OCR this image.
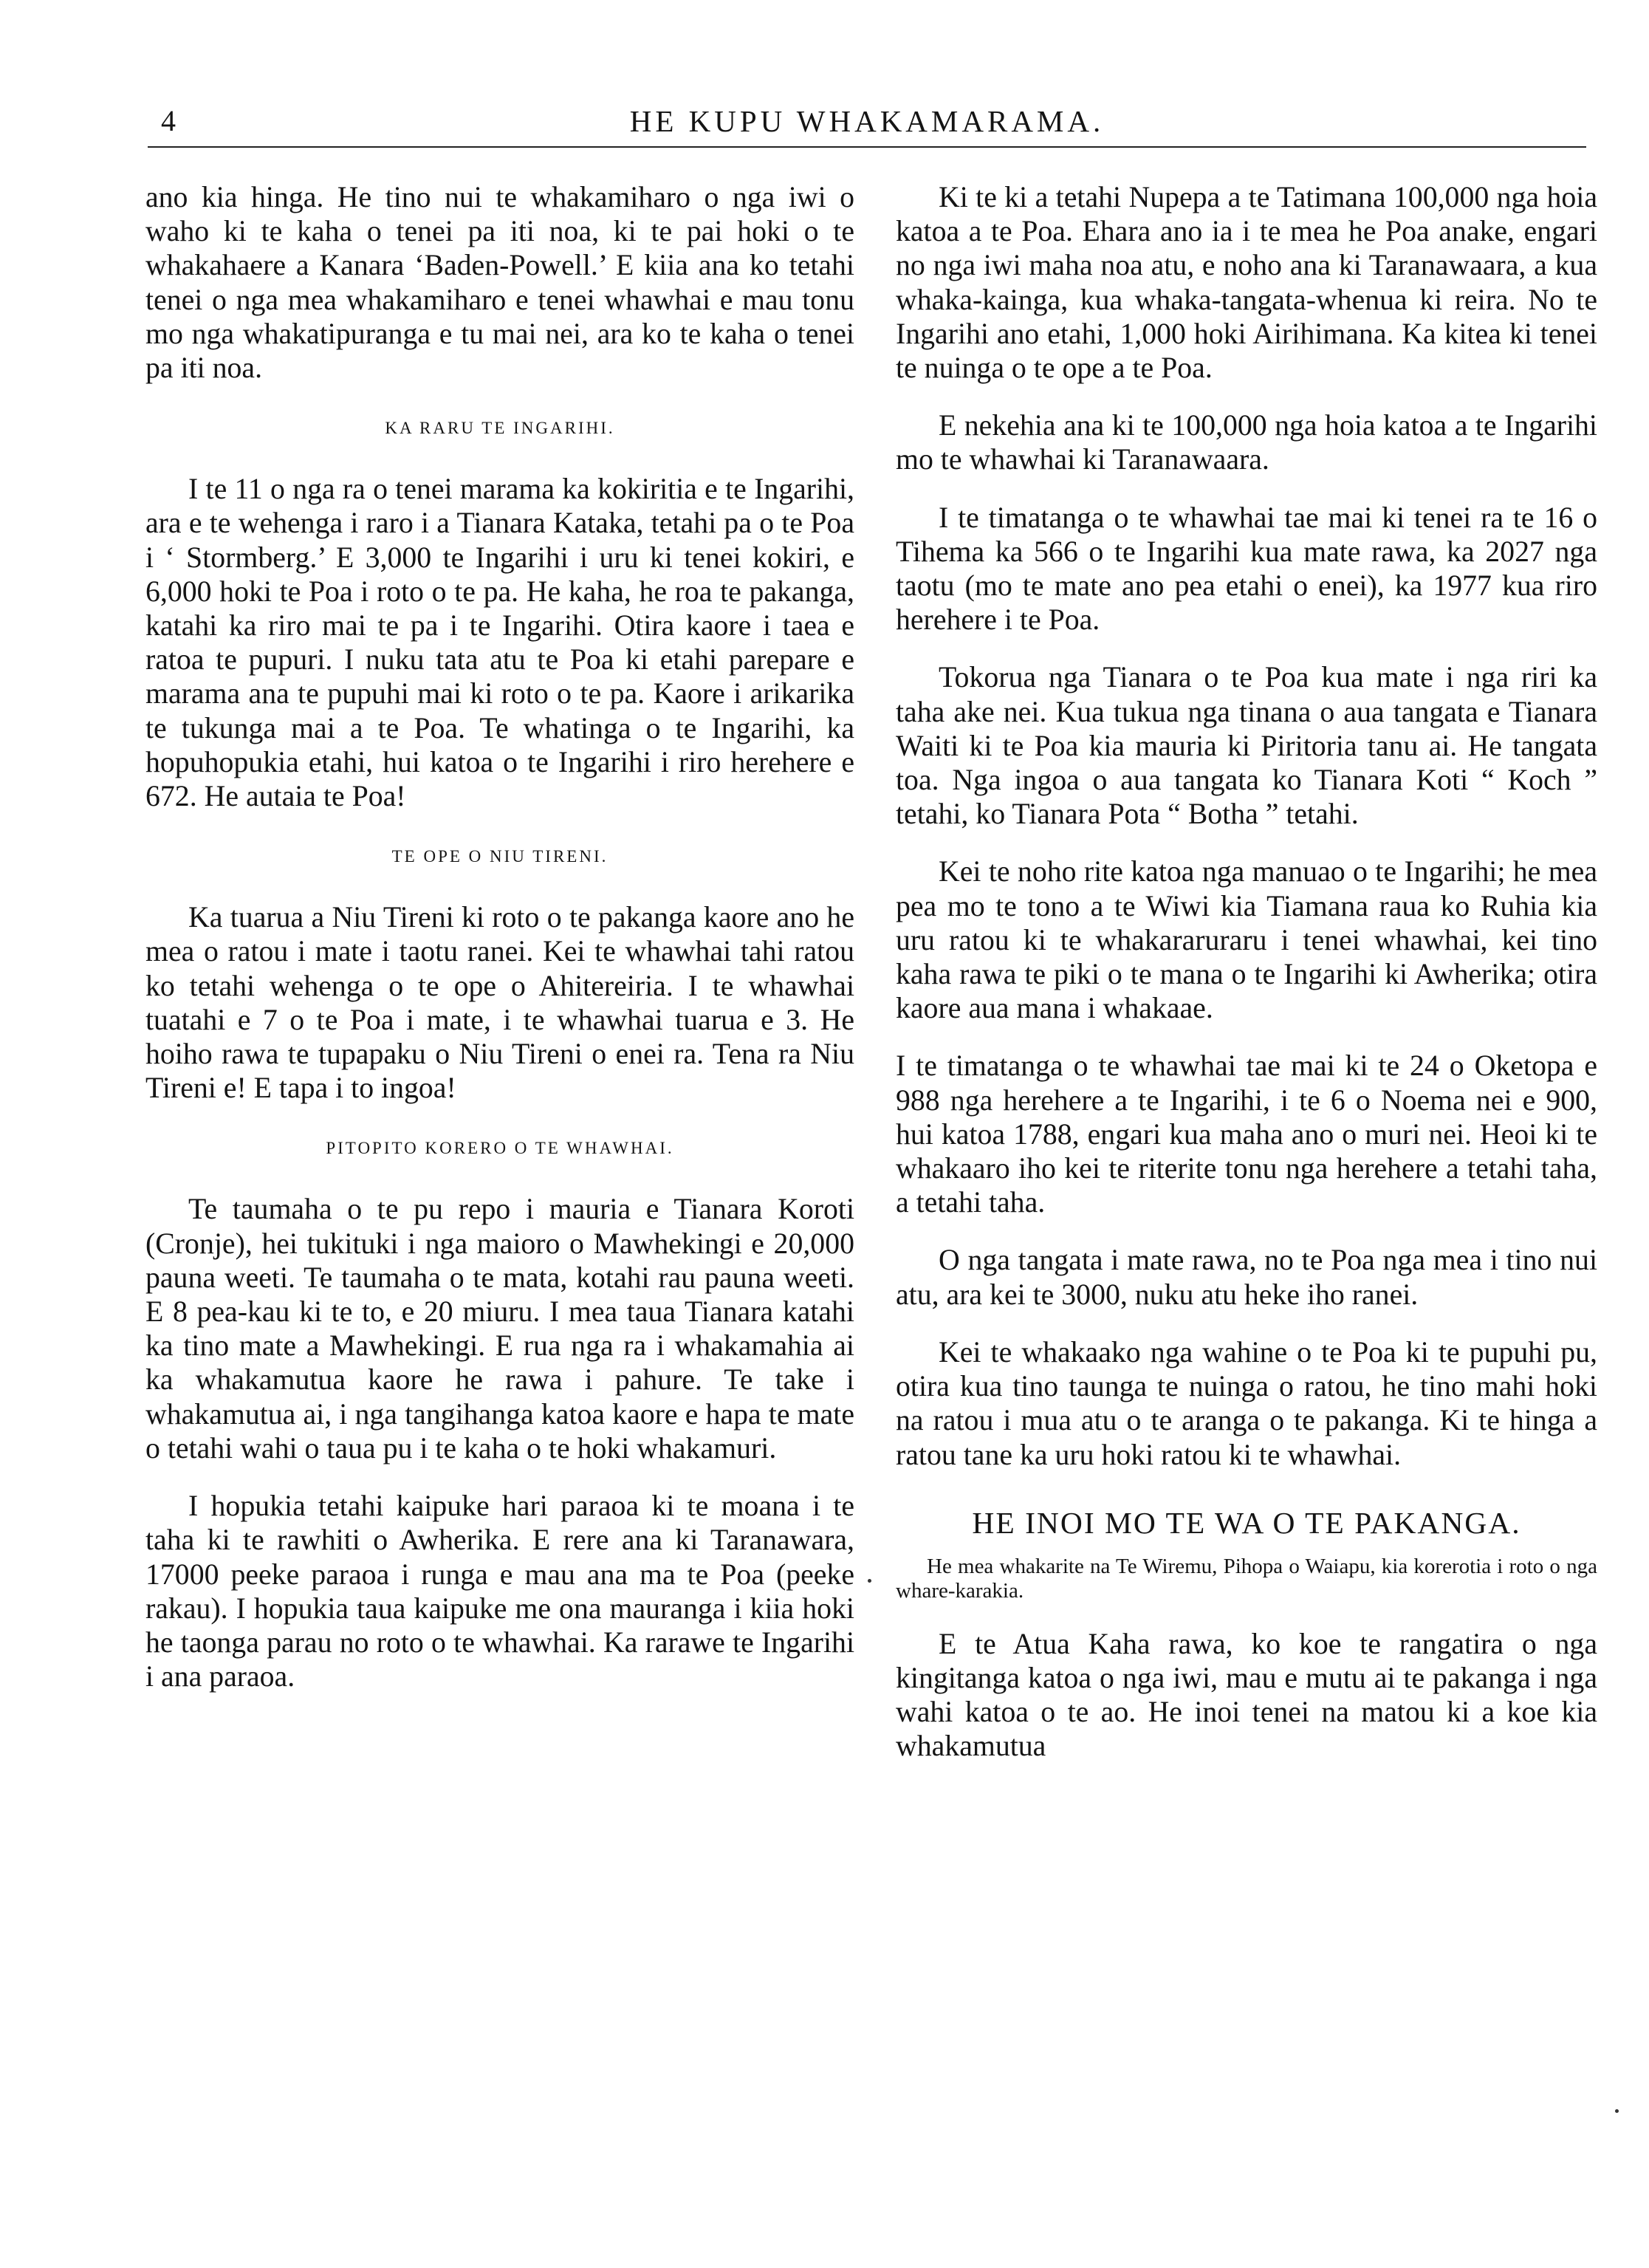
4	HE KUPU WHAKAMARAMA.

ano kia hinga. He tino nui te whakamiharo o nga iwi o waho ki te kaha o tenei pa iti noa, ki te pai hoki o te whakahaere a Kanara ‘Baden-Powell.’ E kiia ana ko tetahi tenei o nga mea whakamiharo e tenei whawhai e mau tonu mo nga whakatipuranga e tu mai nei, ara ko te kaha o tenei pa iti noa.

KA RARU TE INGARIHI.

I te 11 o nga ra o tenei marama ka kokiritia e te Ingarihi, ara e te wehenga i raro i a Tianara Kataka, tetahi pa o te Poa i ‘ Stormberg.’ E 3,000 te Ingarihi i uru ki tenei kokiri, e 6,000 hoki te Poa i roto o te pa. He kaha, he roa te pakanga, katahi ka riro mai te pa i te Ingarihi. Otira kaore i taea e ratoa te pupuri. I nuku tata atu te Poa ki etahi parepare e marama ana te pupuhi mai ki roto o te pa. Kaore i arikarika te tukunga mai a te Poa. Te whatinga o te Ingarihi, ka hopuhopukia etahi, hui katoa o te Ingarihi i riro herehere e 672. He autaia te Poa!

TE OPE O NIU TIRENI.

Ka tuarua a Niu Tireni ki roto o te pakanga kaore ano he mea o ratou i mate i taotu ranei. Kei te whawhai tahi ratou ko tetahi wehenga o te ope o Ahitereiria. I te whawhai tuatahi e 7 o te Poa i mate, i te whawhai tuarua e 3. He hoiho rawa te tupapaku o Niu Tireni o enei ra. Tena ra Niu Tireni e! E tapa i to ingoa!

PITOPITO KORERO O TE WHAWHAI.

Te taumaha o te pu repo i mauria e Tianara Koroti (Cronje), hei tukituki i nga maioro o Mawhekingi e 20,000 pauna weeti. Te taumaha o te mata, kotahi rau pauna weeti. E 8 pea-kau ki te to, e 20 miuru. I mea taua Tianara katahi ka tino mate a Mawhekingi. E rua nga ra i whakamahia ai ka whakamutua kaore he rawa i pahure. Te take i whakamutua ai, i nga tangihanga katoa kaore e hapa te mate o tetahi wahi o taua pu i te kaha o te hoki whakamuri.

I hopukia tetahi kaipuke hari paraoa ki te moana i te taha ki te rawhiti o Awherika. E rere ana ki Taranawara, 17000 peeke paraoa i runga e mau ana ma te Poa (peeke rakau). I hopukia taua kaipuke me ona mauranga i kiia hoki he taonga parau no roto o te whawhai. Ka rarawe te Ingarihi i ana paraoa.

Ki te ki a tetahi Nupepa a te Tatimana 100,000 nga hoia katoa a te Poa. Ehara ano ia i te mea he Poa anake, engari no nga iwi maha noa atu, e noho ana ki Taranawaara, a kua whaka-kainga, kua whaka-tangata-whenua ki reira. No te Ingarihi ano etahi, 1,000 hoki Airihimana. Ka kitea ki tenei te nuinga o te ope a te Poa.

E nekehia ana ki te 100,000 nga hoia katoa a te Ingarihi mo te whawhai ki Taranawaara.

I te timatanga o te whawhai tae mai ki tenei ra te 16 o Tihema ka 566 o te Ingarihi kua mate rawa, ka 2027 nga taotu (mo te mate ano pea etahi o enei), ka 1977 kua riro herehere i te Poa.

Tokorua nga Tianara o te Poa kua mate i nga riri ka taha ake nei. Kua tukua nga tinana o aua tangata e Tianara Waiti ki te Poa kia mauria ki Piritoria tanu ai. He tangata toa. Nga ingoa o aua tangata ko Tianara Koti “ Koch ” tetahi, ko Tianara Pota “ Botha ” tetahi.

Kei te noho rite katoa nga manuao o te Ingarihi; he mea pea mo te tono a te Wiwi kia Tiamana raua ko Ruhia kia uru ratou ki te whakararuraru i tenei whawhai, kei tino kaha rawa te piki o te mana o te Ingarihi ki Awherika; otira kaore aua mana i whakaae.

I te timatanga o te whawhai tae mai ki te 24 o Oketopa e 988 nga herehere a te Ingarihi, i te 6 o Noema nei e 900, hui katoa 1788, engari kua maha ano o muri nei. Heoi ki te whakaaro iho kei te riterite tonu nga herehere a tetahi taha, a tetahi taha.

O nga tangata i mate rawa, no te Poa nga mea i tino nui atu, ara kei te 3000, nuku atu heke iho ranei.

Kei te whakaako nga wahine o te Poa ki te pupuhi pu, otira kua tino taunga te nuinga o ratou, he tino mahi hoki na ratou i mua atu o te aranga o te pakanga. Ki te hinga a ratou tane ka uru hoki ratou ki te whawhai.

HE INOI MO TE WA O TE PAKANGA.

He mea whakarite na Te Wiremu, Pihopa o Waiapu, kia korerotia i roto o nga whare-karakia.

E te Atua Kaha rawa, ko koe te rangatira o nga kingitanga katoa o nga iwi, mau e mutu ai te pakanga i nga wahi katoa o te ao. He inoi tenei na matou ki a koe kia whakamutua
